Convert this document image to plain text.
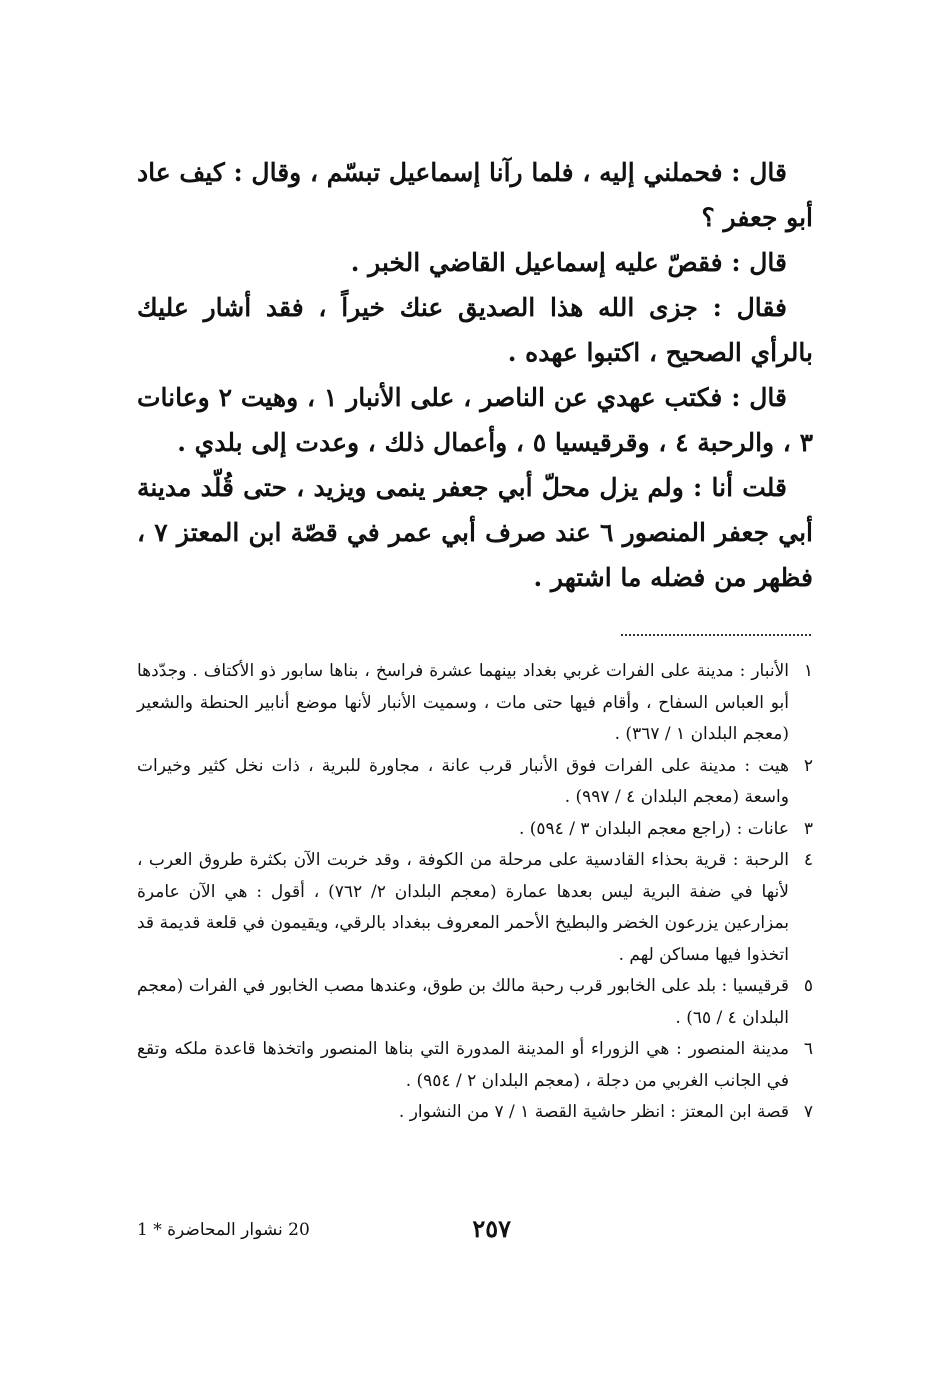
قال : فحملني إليه ، فلما رآنا إسماعيل تبسّم ، وقال : كيف عاد أبو جعفر ؟

قال : فقصّ عليه إسماعيل القاضي الخبر .

فقال : جزى الله هذا الصديق عنك خيراً ، فقد أشار عليك بالرأي الصحيح ، اكتبوا عهده .

قال : فكتب عهدي عن الناصر ، على الأنبار ١ ، وهيت ٢ وعانات ٣ ، والرحبة ٤ ، وقرقيسيا ٥ ، وأعمال ذلك ، وعدت إلى بلدي .

قلت أنا : ولم يزل محلّ أبي جعفر ينمى ويزيد ، حتى قُلّد مدينة أبي جعفر المنصور ٦ عند صرف أبي عمر في قصّة ابن المعتز ٧ ، فظهر من فضله ما اشتهر .

١
الأنبار : مدينة على الفرات غربي بغداد بينهما عشرة فراسخ ، بناها سابور ذو الأكتاف . وجدّدها أبو العباس السفاح ، وأقام فيها حتى مات ، وسميت الأنبار لأنها موضع أنابير الحنطة والشعير (معجم البلدان ١ / ٣٦٧) .
٢
هيت : مدينة على الفرات فوق الأنبار قرب عانة ، مجاورة للبرية ، ذات نخل كثير وخيرات واسعة (معجم البلدان ٤ / ٩٩٧) .
٣
عانات : (راجع معجم البلدان ٣ / ٥٩٤) .
٤
الرحبة : قرية بحذاء القادسية على مرحلة من الكوفة ، وقد خربت الآن بكثرة طروق العرب ، لأنها في ضفة البرية ليس بعدها عمارة (معجم البلدان ٢/ ٧٦٢) ، أقول : هي الآن عامرة بمزارعين يزرعون الخضر والبطيخ الأحمر المعروف ببغداد بالرقي، ويقيمون في قلعة قديمة قد اتخذوا فيها مساكن لهم .
٥
قرقيسيا : بلد على الخابور قرب رحبة مالك بن طوق، وعندها مصب الخابور في الفرات (معجم البلدان ٤ / ٦٥) .
٦
مدينة المنصور : هي الزوراء أو المدينة المدورة التي بناها المنصور واتخذها قاعدة ملكه وتقع في الجانب الغربي من دجلة ، (معجم البلدان ٢ / ٩٥٤) .
٧
قصة ابن المعتز : انظر حاشية القصة ١ / ٧ من النشوار .
٢٥٧
20 نشوار المحاضرة * 1
